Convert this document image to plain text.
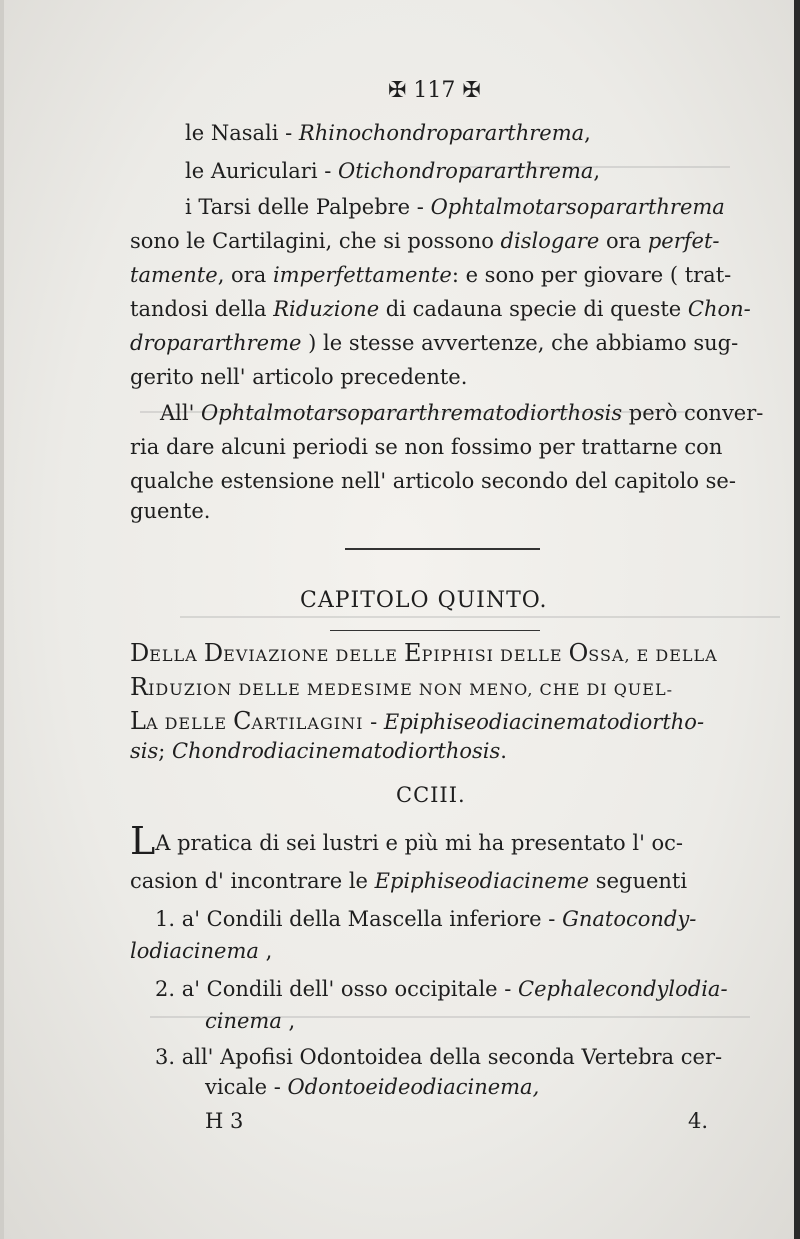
✠ 117 ✠
le Nasali - Rhinochondropararthrema,
le Auriculari - Otichondropararthrema,
i Tarsi delle Palpebre - Ophtalmotarsopararthrema
sono le Cartilagini, che si possono dislogare ora perfet-
tamente, ora imperfettamente: e sono per giovare ( trat-
tandosi della Riduzione di cadauna specie di queste Chon-
dropararthreme ) le stesse avvertenze, che abbiamo sug-
gerito nell' articolo precedente.
All' Ophtalmotarsopararthrematodiorthosis però conver-
ria dare alcuni periodi se non fossimo per trattarne con
qualche estensione nell' articolo secondo del capitolo se-
guente.
CAPITOLO QUINTO.
DELLA DEVIAZIONE DELLE EPIPHISI DELLE OSSA, E DELLA
RIDUZION DELLE MEDESIME NON MENO, CHE DI QUEL-
LA DELLE CARTILAGINI - Epiphiseodiacinematodiortho-
sis; Chondrodiacinematodiorthosis.
CCIII.
LA pratica di sei lustri e più mi ha presentato l' oc-
casion d' incontrare le Epiphiseodiacineme seguenti
1. a' Condili della Mascella inferiore - Gnatocondy-
lodiacinema ,
2. a' Condili dell' osso occipitale - Cephalecondylodia-
cinema ,
3. all' Apofisi Odontoidea della seconda Vertebra cer-
vicale - Odontoeideodiacinema,
H 3	4.
